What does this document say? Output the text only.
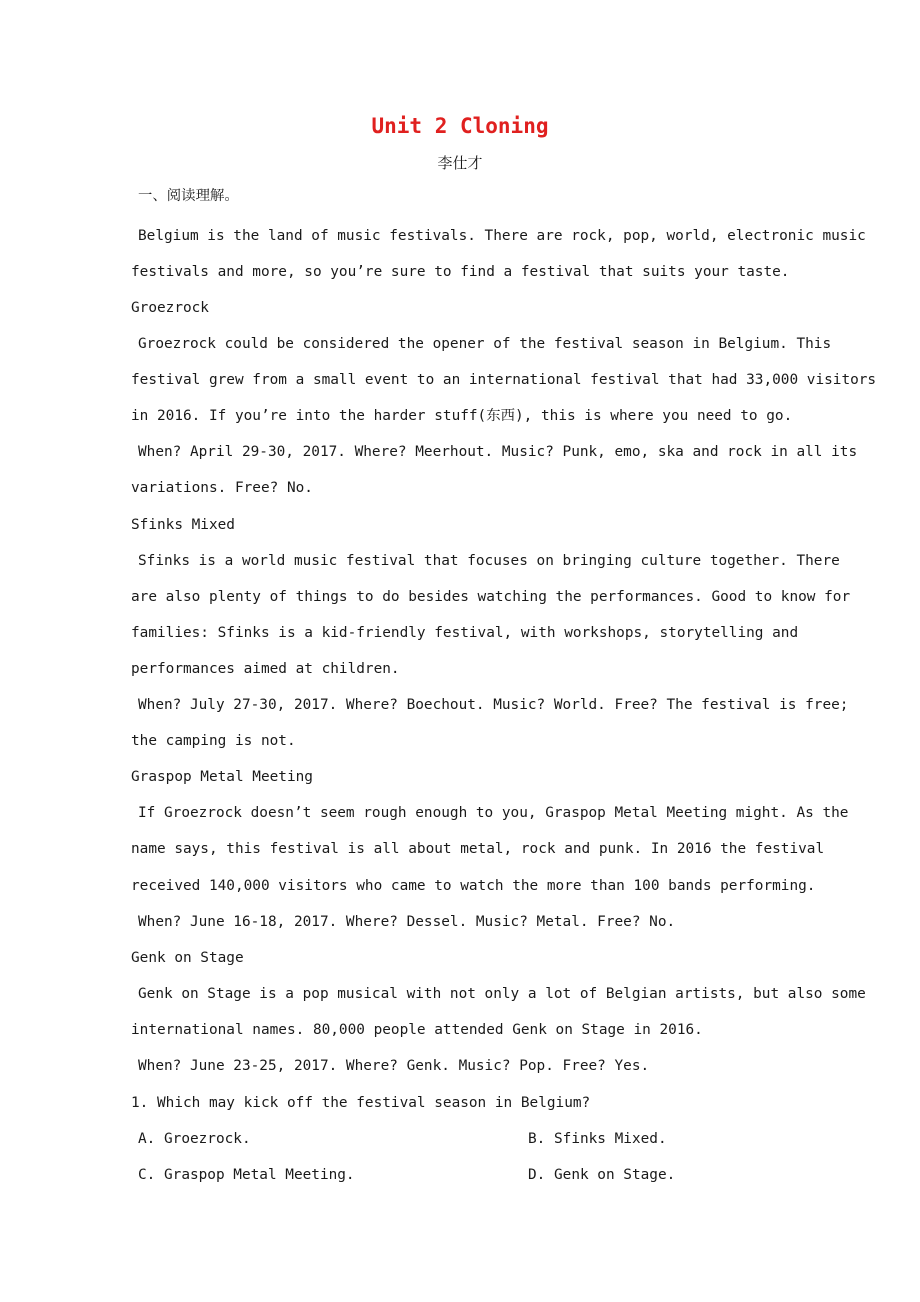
Unit 2 Cloning
李仕才
一、阅读理解。
Belgium is the land of music festivals. There are rock, pop, world, electronic music
festivals and more, so you’re sure to find a festival that suits your taste.
Groezrock
Groezrock could be considered the opener of the festival season in Belgium. This
festival grew from a small event to an international festival that had 33,000 visitors
in 2016. If you’re into the harder stuff(东西), this is where you need to go.
When? April 29-30, 2017. Where? Meerhout. Music? Punk, emo, ska and rock in all its
variations. Free? No.
Sfinks Mixed
Sfinks is a world music festival that focuses on bringing culture together. There
are also plenty of things to do besides watching the performances. Good to know for
families: Sfinks is a kid-friendly festival, with workshops, storytelling and
performances aimed at children.
When? July 27-30, 2017. Where? Boechout. Music? World. Free? The festival is free;
the camping is not.
Graspop Metal Meeting
If Groezrock doesn’t seem rough enough to you, Graspop Metal Meeting might. As the
name says, this festival is all about metal, rock and punk. In 2016 the festival
received 140,000 visitors who came to watch the more than 100 bands performing.
When? June 16-18, 2017. Where? Dessel. Music? Metal. Free? No.
Genk on Stage
Genk on Stage is a pop musical with not only a lot of Belgian artists, but also some
international names. 80,000 people attended Genk on Stage in 2016.
When? June 23-25, 2017. Where? Genk. Music? Pop. Free? Yes.
1. Which may kick off the festival season in Belgium?
A. Groezrock.	B. Sfinks Mixed.
C. Graspop Metal Meeting.	D. Genk on Stage.
